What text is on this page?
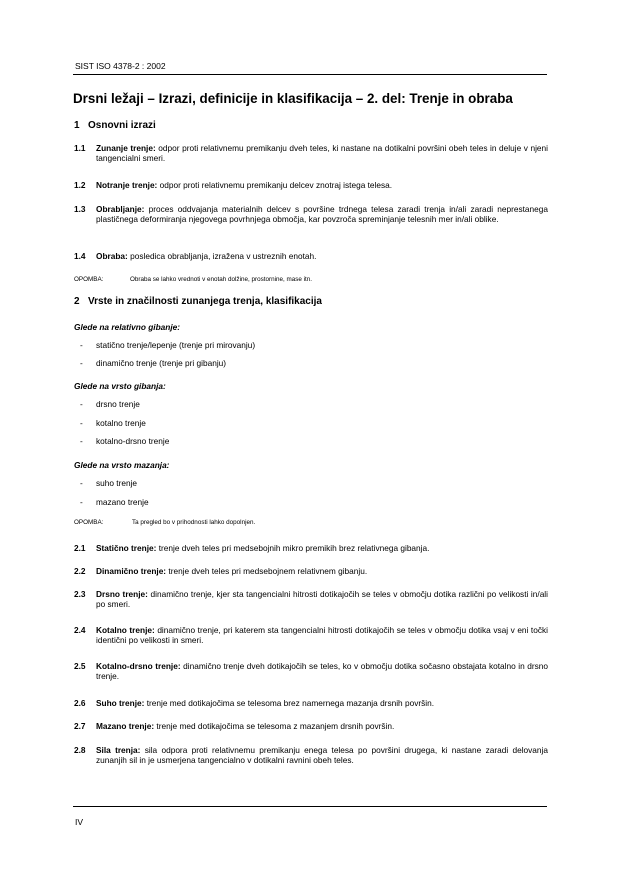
SIST ISO 4378-2 : 2002
Drsni ležaji – Izrazi, definicije in klasifikacija – 2. del: Trenje in obraba
1 Osnovni izrazi
1.1 Zunanje trenje: odpor proti relativnemu premikanju dveh teles, ki nastane na dotikalni površini obeh teles in deluje v njeni tangencialni smeri.
1.2 Notranje trenje: odpor proti relativnemu premikanju delcev znotraj istega telesa.
1.3 Obrabljanje: proces oddvajanja materialnih delcev s površine trdnega telesa zaradi trenja in/ali zaradi neprestanega plastičnega deformiranja njegovega povrhnjega območja, kar povzroča spreminjanje telesnih mer in/ali oblike.
1.4 Obraba: posledica obrabljanja, izražena v ustreznih enotah.
OPOMBA:	Obraba se lahko vrednoti v enotah dolžine, prostornine, mase itn.
2 Vrste in značilnosti zunanjega trenja, klasifikacija
Glede na relativno gibanje:
- statično trenje/lepenje (trenje pri mirovanju)
- dinamično trenje (trenje pri gibanju)
Glede na vrsto gibanja:
- drsno trenje
- kotalno trenje
- kotalno-drsno trenje
Glede na vrsto mazanja:
- suho trenje
- mazano trenje
OPOMBA:	Ta pregled bo v prihodnosti lahko dopolnjen.
2.1 Statično trenje: trenje dveh teles pri medsebojnih mikro premikih brez relativnega gibanja.
2.2 Dinamično trenje: trenje dveh teles pri medsebojnem relativnem gibanju.
2.3 Drsno trenje: dinamično trenje, kjer sta tangencialni hitrosti dotikajočih se teles v območju dotika različni po velikosti in/ali po smeri.
2.4 Kotalno trenje: dinamično trenje, pri katerem sta tangencialni hitrosti dotikajočih se teles v območju dotika vsaj v eni točki identični po velikosti in smeri.
2.5 Kotalno-drsno trenje: dinamično trenje dveh dotikajočih se teles, ko v območju dotika sočasno obstajata kotalno in drsno trenje.
2.6 Suho trenje: trenje med dotikajočima se telesoma brez namernega mazanja drsnih površin.
2.7 Mazano trenje: trenje med dotikajočima se telesoma z mazanjem drsnih površin.
2.8 Sila trenja: sila odpora proti relativnemu premikanju enega telesa po površini drugega, ki nastane zaradi delovanja zunanjih sil in je usmerjena tangencialno v dotikalni ravnini obeh teles.
IV
